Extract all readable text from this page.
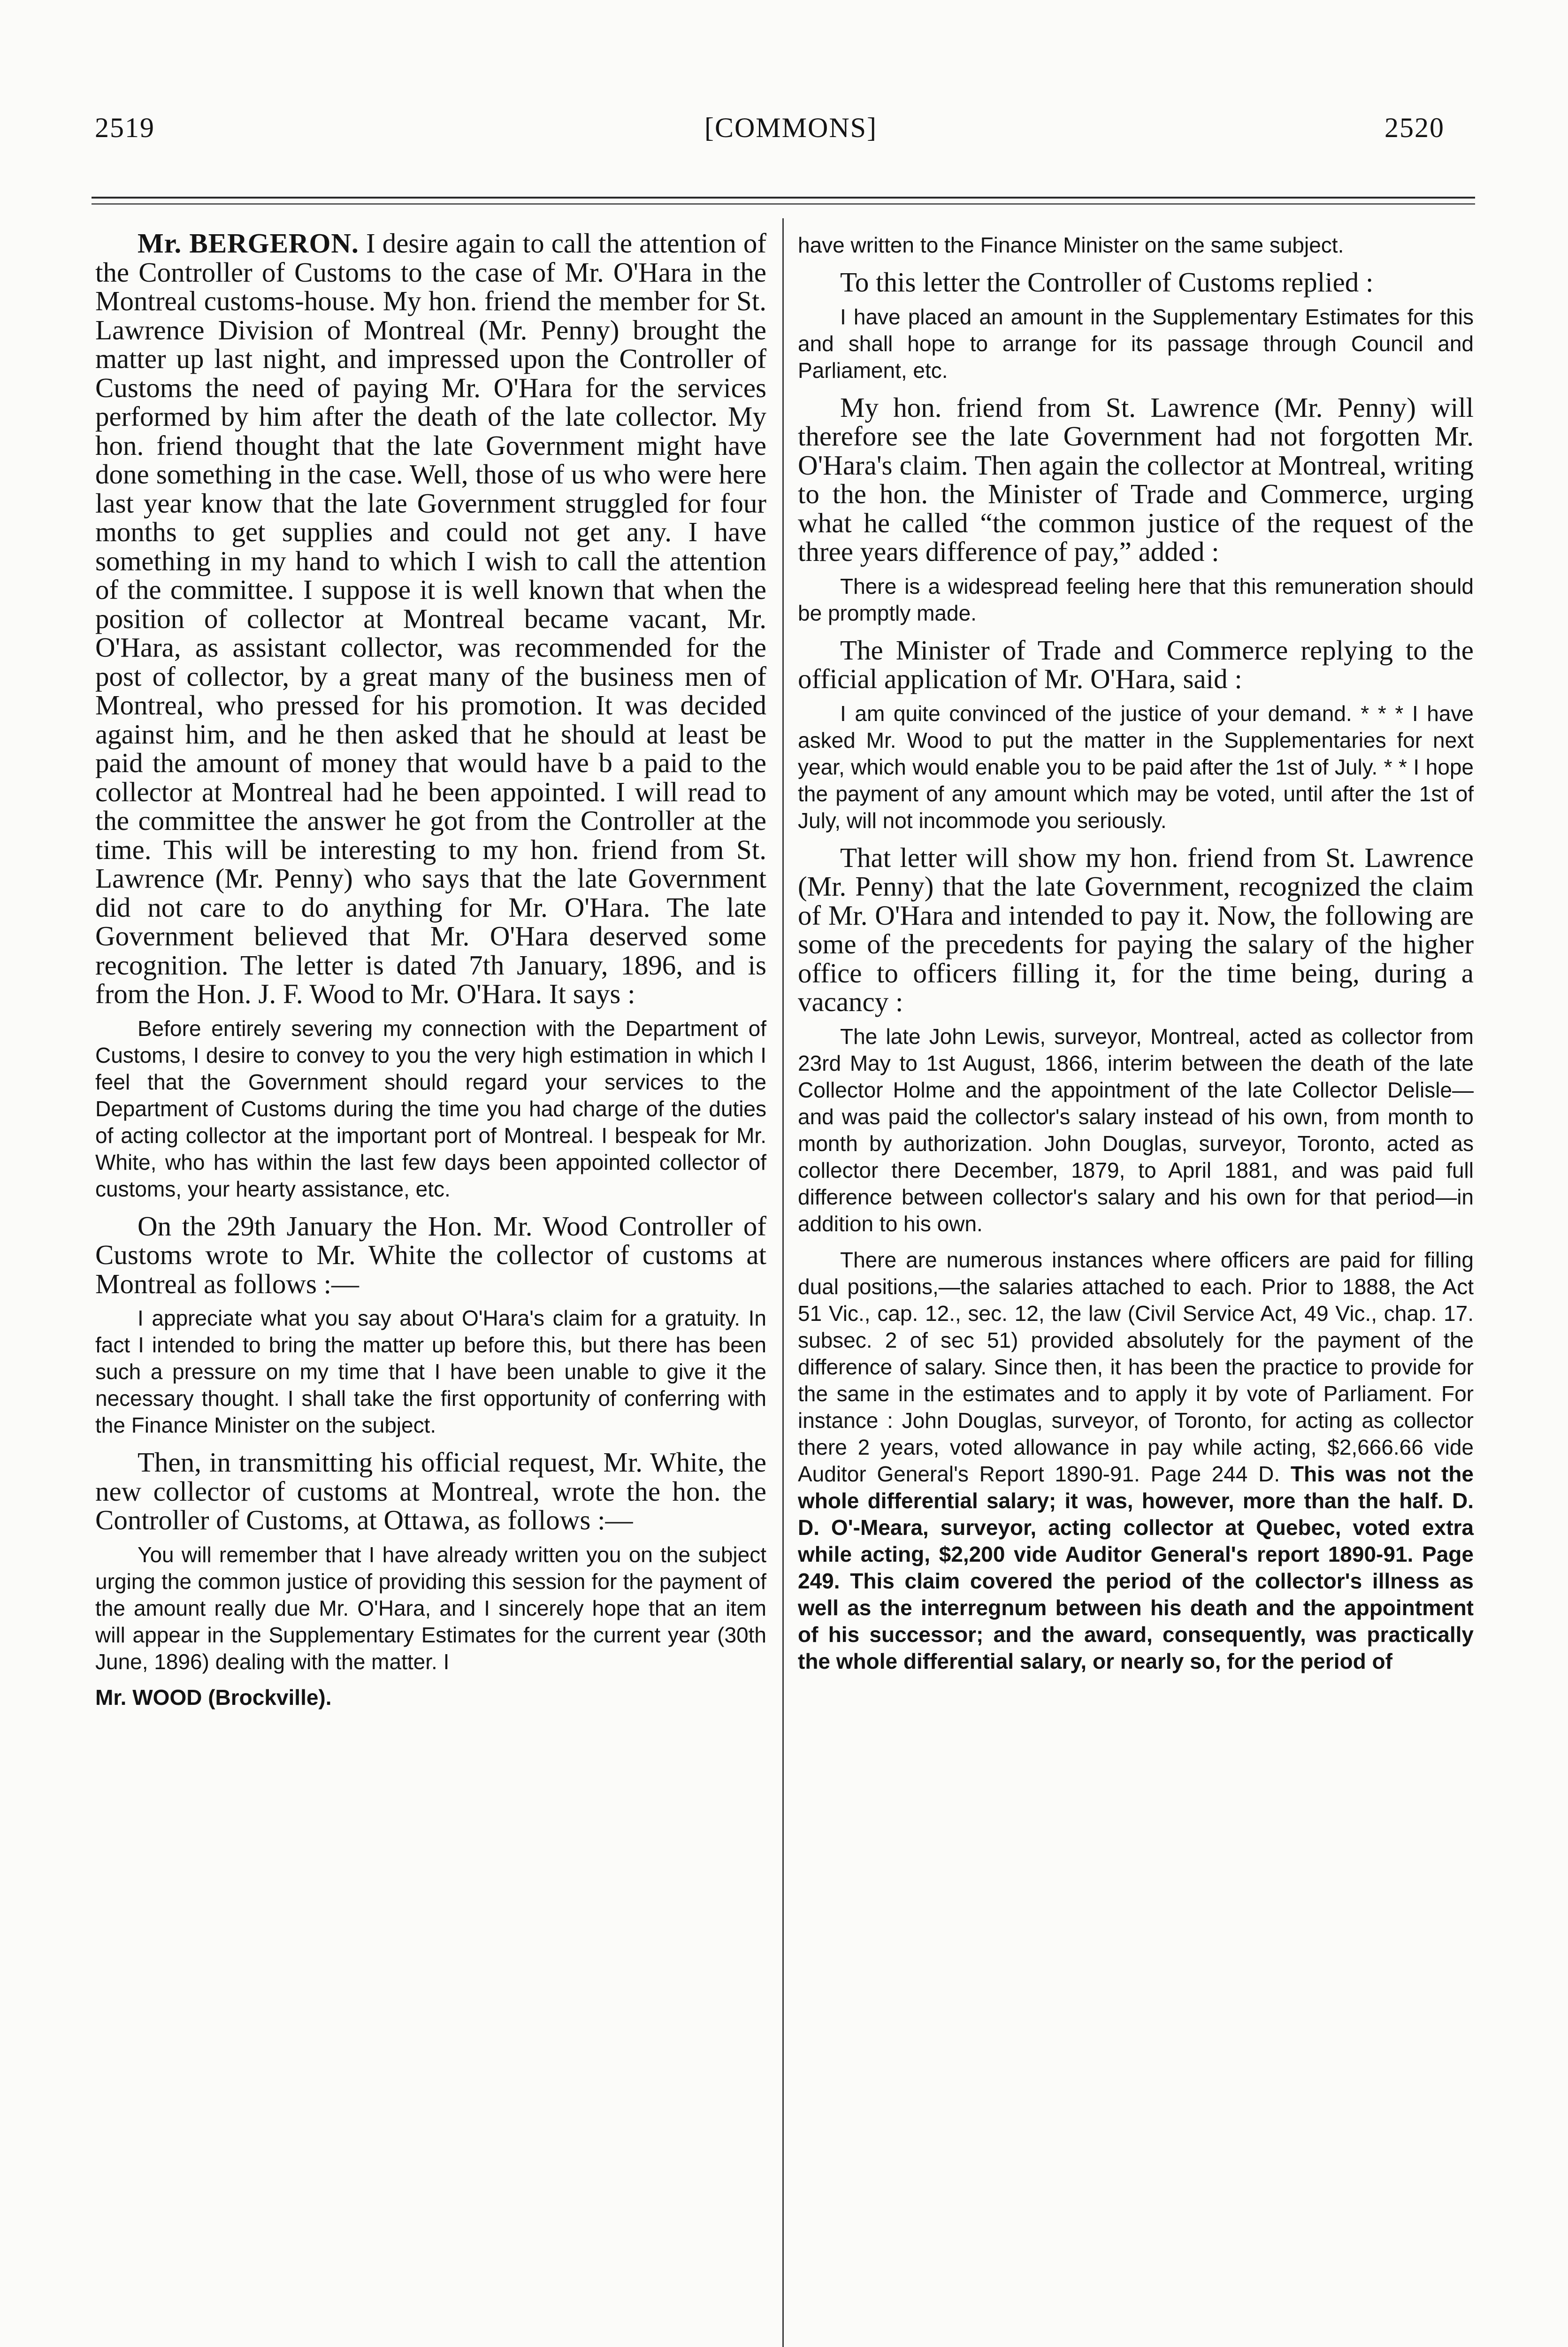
2519	[COMMONS]	2520

Mr. BERGERON. I desire again to call the attention of the Controller of Customs to the case of Mr. O'Hara in the Montreal customs-house. My hon. friend the member for St. Lawrence Division of Montreal (Mr. Penny) brought the matter up last night, and impressed upon the Controller of Customs the need of paying Mr. O'Hara for the services performed by him after the death of the late collector. My hon. friend thought that the late Government might have done something in the case. Well, those of us who were here last year know that the late Government struggled for four months to get supplies and could not get any. I have something in my hand to which I wish to call the attention of the committee. I suppose it is well known that when the position of collector at Montreal became vacant, Mr. O'Hara, as assistant collector, was recommended for the post of collector, by a great many of the business men of Montreal, who pressed for his promotion. It was decided against him, and he then asked that he should at least be paid the amount of money that would have b a paid to the collector at Montreal had he been appointed. I will read to the committee the answer he got from the Controller at the time. This will be interesting to my hon. friend from St. Lawrence (Mr. Penny) who says that the late Government did not care to do anything for Mr. O'Hara. The late Government believed that Mr. O'Hara deserved some recognition. The letter is dated 7th January, 1896, and is from the Hon. J. F. Wood to Mr. O'Hara. It says :

Before entirely severing my connection with the Department of Customs, I desire to convey to you the very high estimation in which I feel that the Government should regard your services to the Department of Customs during the time you had charge of the duties of acting collector at the important port of Montreal. I bespeak for Mr. White, who has within the last few days been appointed collector of customs, your hearty assistance, etc.

On the 29th January the Hon. Mr. Wood Controller of Customs wrote to Mr. White the collector of customs at Montreal as follows :—

I appreciate what you say about O'Hara's claim for a gratuity. In fact I intended to bring the matter up before this, but there has been such a pressure on my time that I have been unable to give it the necessary thought. I shall take the first opportunity of conferring with the Finance Minister on the subject.

Then, in transmitting his official request, Mr. White, the new collector of customs at Montreal, wrote the hon. the Controller of Customs, at Ottawa, as follows :—

You will remember that I have already written you on the subject urging the common justice of providing this session for the payment of the amount really due Mr. O'Hara, and I sincerely hope that an item will appear in the Supplementary Estimates for the current year (30th June, 1896) dealing with the matter. I

Mr. WOOD (Brockville).

have written to the Finance Minister on the same subject.

To this letter the Controller of Customs replied :

I have placed an amount in the Supplementary Estimates for this and shall hope to arrange for its passage through Council and Parliament, etc.

My hon. friend from St. Lawrence (Mr. Penny) will therefore see the late Government had not forgotten Mr. O'Hara's claim. Then again the collector at Montreal, writing to the hon. the Minister of Trade and Commerce, urging what he called “the common justice of the request of the three years difference of pay,” added :

There is a widespread feeling here that this remuneration should be promptly made.

The Minister of Trade and Commerce replying to the official application of Mr. O'Hara, said :

I am quite convinced of the justice of your demand. * * * I have asked Mr. Wood to put the matter in the Supplementaries for next year, which would enable you to be paid after the 1st of July. * * I hope the payment of any amount which may be voted, until after the 1st of July, will not incommode you seriously.

That letter will show my hon. friend from St. Lawrence (Mr. Penny) that the late Government, recognized the claim of Mr. O'Hara and intended to pay it. Now, the following are some of the precedents for paying the salary of the higher office to officers filling it, for the time being, during a vacancy :

The late John Lewis, surveyor, Montreal, acted as collector from 23rd May to 1st August, 1866, interim between the death of the late Collector Holme and the appointment of the late Collector Delisle—and was paid the collector's salary instead of his own, from month to month by authorization. John Douglas, surveyor, Toronto, acted as collector there December, 1879, to April 1881, and was paid full difference between collector's salary and his own for that period—in addition to his own.

There are numerous instances where officers are paid for filling dual positions,—the salaries attached to each. Prior to 1888, the Act 51 Vic., cap. 12., sec. 12, the law (Civil Service Act, 49 Vic., chap. 17. subsec. 2 of sec 51) provided absolutely for the payment of the difference of salary. Since then, it has been the practice to provide for the same in the estimates and to apply it by vote of Parliament. For instance : John Douglas, surveyor, of Toronto, for acting as collector there 2 years, voted allowance in pay while acting, $2,666.66 vide Auditor General's Report 1890-91. Page 244 D. This was not the whole differential salary; it was, however, more than the half. D. D. O'-Meara, surveyor, acting collector at Quebec, voted extra while acting, $2,200 vide Auditor General's report 1890-91. Page 249. This claim covered the period of the collector's illness as well as the interregnum between his death and the appointment of his successor; and the award, consequently, was practically the whole differential salary, or nearly so, for the period of
